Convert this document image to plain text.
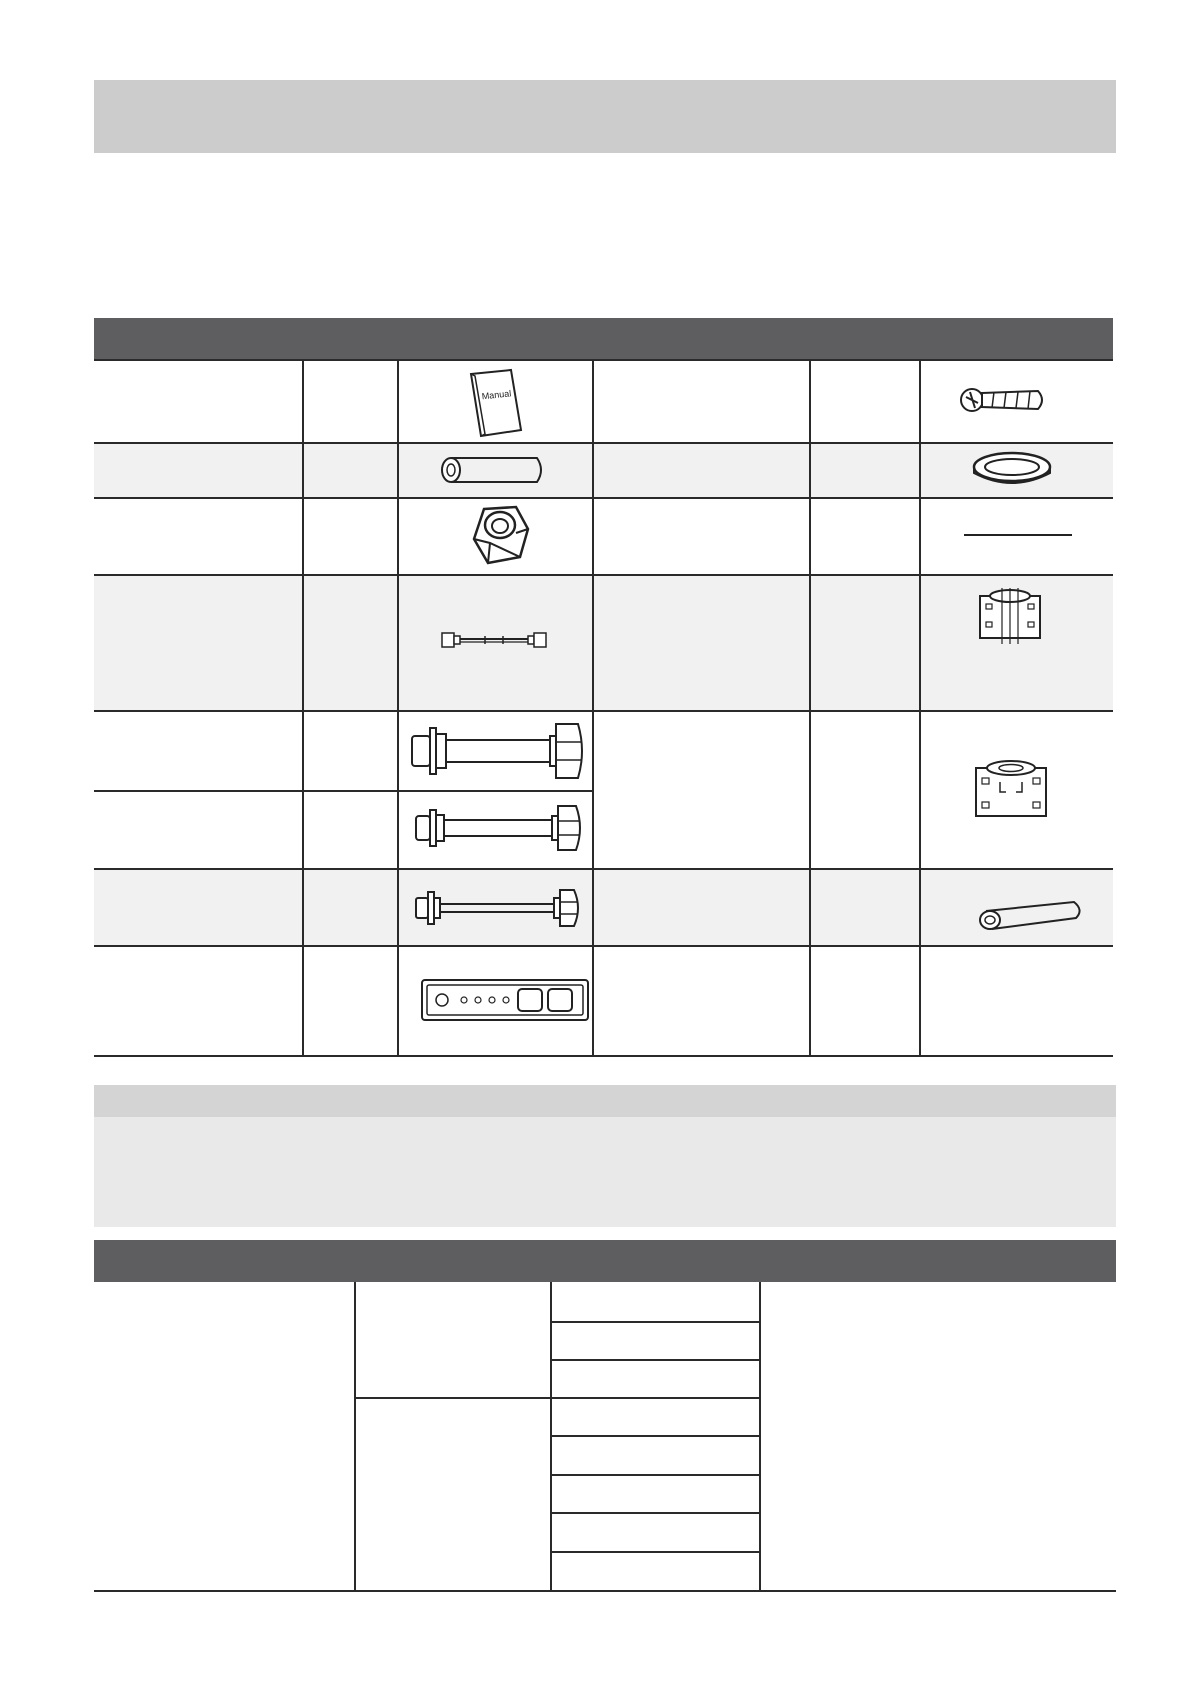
Manual
